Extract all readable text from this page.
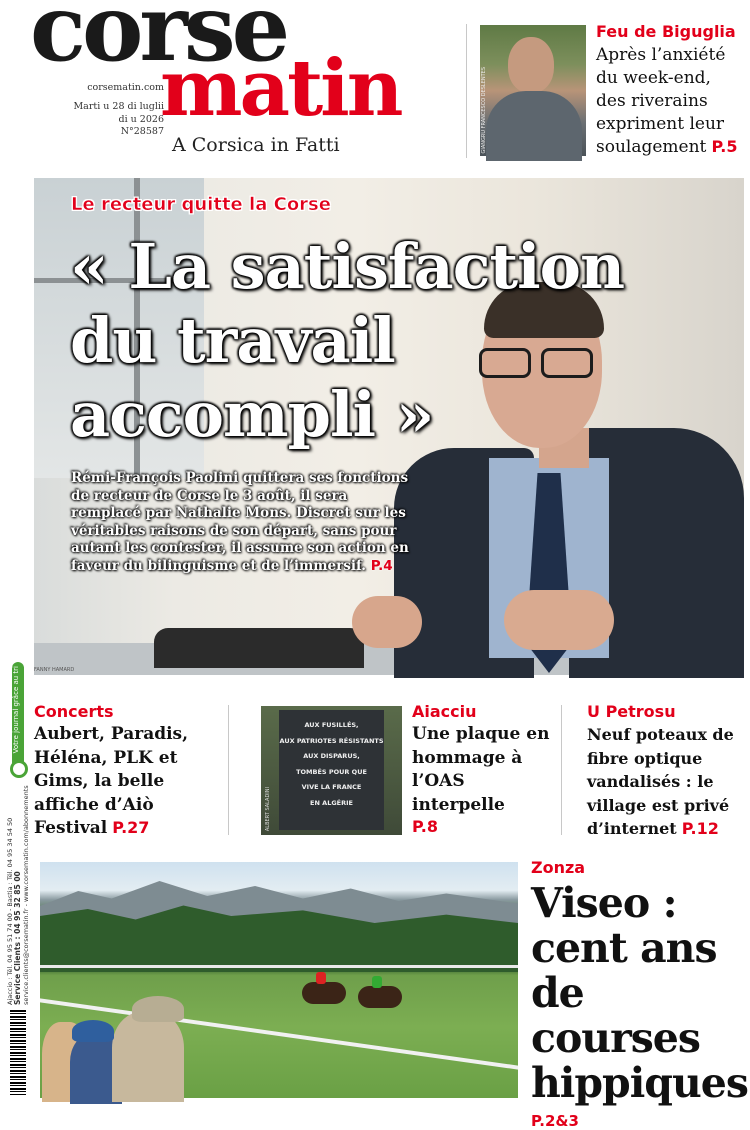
corse
matin
corsematin.com
Marti u 28 di luglii di u 2026
N°28587
A Corsica in Fatti	GIANGRU FRANCESCO DESLENTES
Feu de Biguglia
Après l’anxiété du week-end, des riverains expriment leur soulagement P.5
Le recteur quitte la Corse
« La satisfaction du travail accompli »

Rémi-François Paolini quittera ses fonctions de recteur de Corse le 3 août, il sera remplacé par Nathalie Mons. Discret sur les véritables raisons de son départ, sans pour autant les contester, il assume son action en faveur du bilinguisme et de l’immersif. P.4

FANNY HAMARD
Votre journal grâce au tri
Ajaccio : Tél. 04 95 51 74 00 - Bastia : Tél. 04 95 34 54 50
Service Clients : 04 95 32 85 00
service.clients@corsematin.fr - www.corsematin.com/abonnements
Concerts
Aubert, Paradis, Héléna, PLK et Gims, la belle affiche d’Aiò Festival P.27
AUX FUSILLÉS,
AUX PATRIOTES RÉSISTANTS
AUX DISPARUS,
TOMBÉS POUR QUE
VIVE LA FRANCE
EN ALGÉRIE
ALBERT SALADINI
Aiacciu
Une plaque en hommage à l’OAS interpelle
P.8
U Petrosu
Neuf poteaux de fibre optique vandalisés : le village est privé d’internet P.12
Zonza
Viseo : cent ans de courses hippiques
P.2&3
